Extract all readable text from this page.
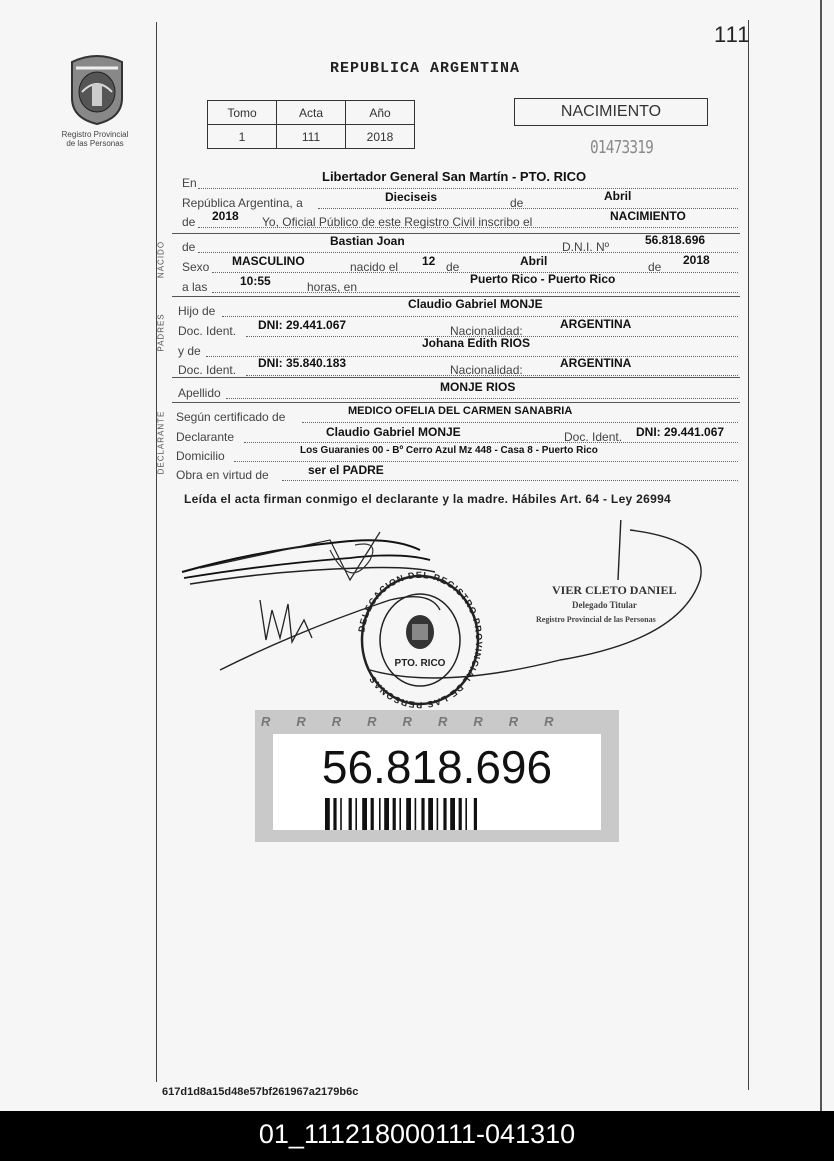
111
Registro Provincial
de las Personas
REPUBLICA ARGENTINA
Tomo	Acta	Año
1	111	2018
NACIMIENTO
01473319
En	Libertador General San Martín - PTO. RICO
República Argentina, a	Dieciseis	de	Abril
de 2018 Yo, Oficial Público de este Registro Civil inscribo el	NACIMIENTO
NACIDO de	Bastian Joan	D.N.I. Nº	56.818.696
Sexo MASCULINO	nacido el 12 de	Abril	de 2018
a las	10:55	horas, en
Puerto Rico - Puerto Rico
PADRES
Hijo de	Claudio Gabriel MONJE
Doc. Ident. DNI: 29.441.067	Nacionalidad:	ARGENTINA
y de
Johana Edith RIOS
Doc. Ident. DNI: 35.840.183	Nacionalidad:	ARGENTINA
Apellido	MONJE RIOS
DECLARANTE Según certificado de	MEDICO OFELIA DEL CARMEN SANABRIA
Declarante	Claudio Gabriel MONJE	Doc. Ident. DNI: 29.441.067
Domicilio	Los Guaranies 00 - Bº Cerro Azul Mz 448 - Casa 8 - Puerto Rico
Obra en virtud de	ser el PADRE
Leída el acta firman conmigo el declarante y la madre. Hábiles Art. 64 - Ley 26994
DELEGACION DEL REGISTRO PROVINCIAL DE LAS PERSONAS
PTO. RICO
VIER CLETO DANIEL
Delegado Titular
Registro Provincial de las Personas
RRRRRRRRR
56.818.696
617d1d8a15d48e57bf261967a2179b6c
01_111218000111-041310
